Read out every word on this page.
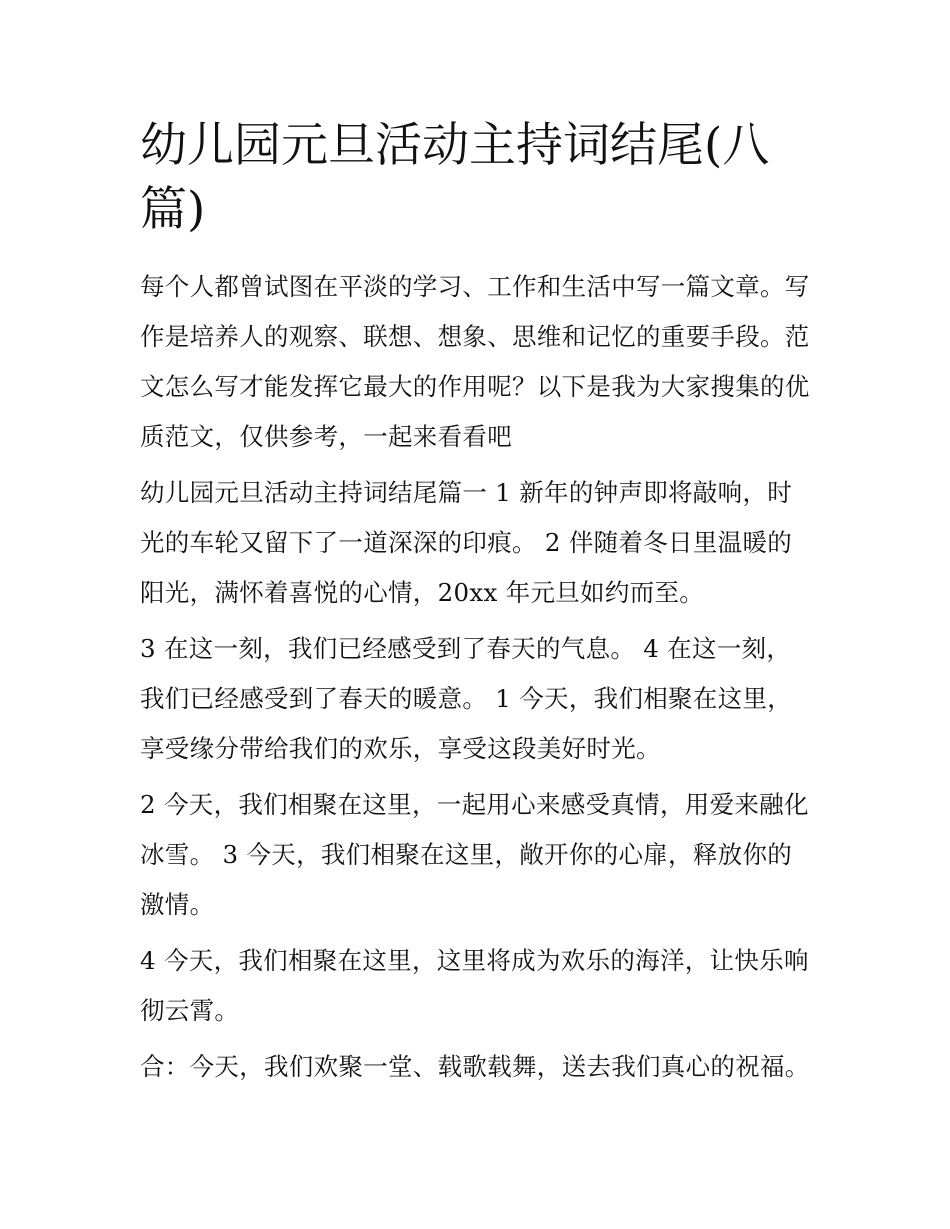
幼儿园元旦活动主持词结尾(八篇)

每个人都曾试图在平淡的学习、工作和生活中写一篇文章。写作是培养人的观察、联想、想象、思维和记忆的重要手段。范文怎么写才能发挥它最大的作用呢？以下是我为大家搜集的优质范文，仅供参考，一起来看看吧

幼儿园元旦活动主持词结尾篇一 1 新年的钟声即将敲响，时光的车轮又留下了一道深深的印痕。 2 伴随着冬日里温暖的阳光，满怀着喜悦的心情，20xx 年元旦如约而至。

3 在这一刻，我们已经感受到了春天的气息。 4 在这一刻，我们已经感受到了春天的暖意。 1 今天，我们相聚在这里，享受缘分带给我们的欢乐，享受这段美好时光。

2 今天，我们相聚在这里，一起用心来感受真情，用爱来融化冰雪。 3 今天，我们相聚在这里，敞开你的心扉，释放你的激情。

4 今天，我们相聚在这里，这里将成为欢乐的海洋，让快乐响彻云霄。

合：今天，我们欢聚一堂、载歌载舞，送去我们真心的祝福。
